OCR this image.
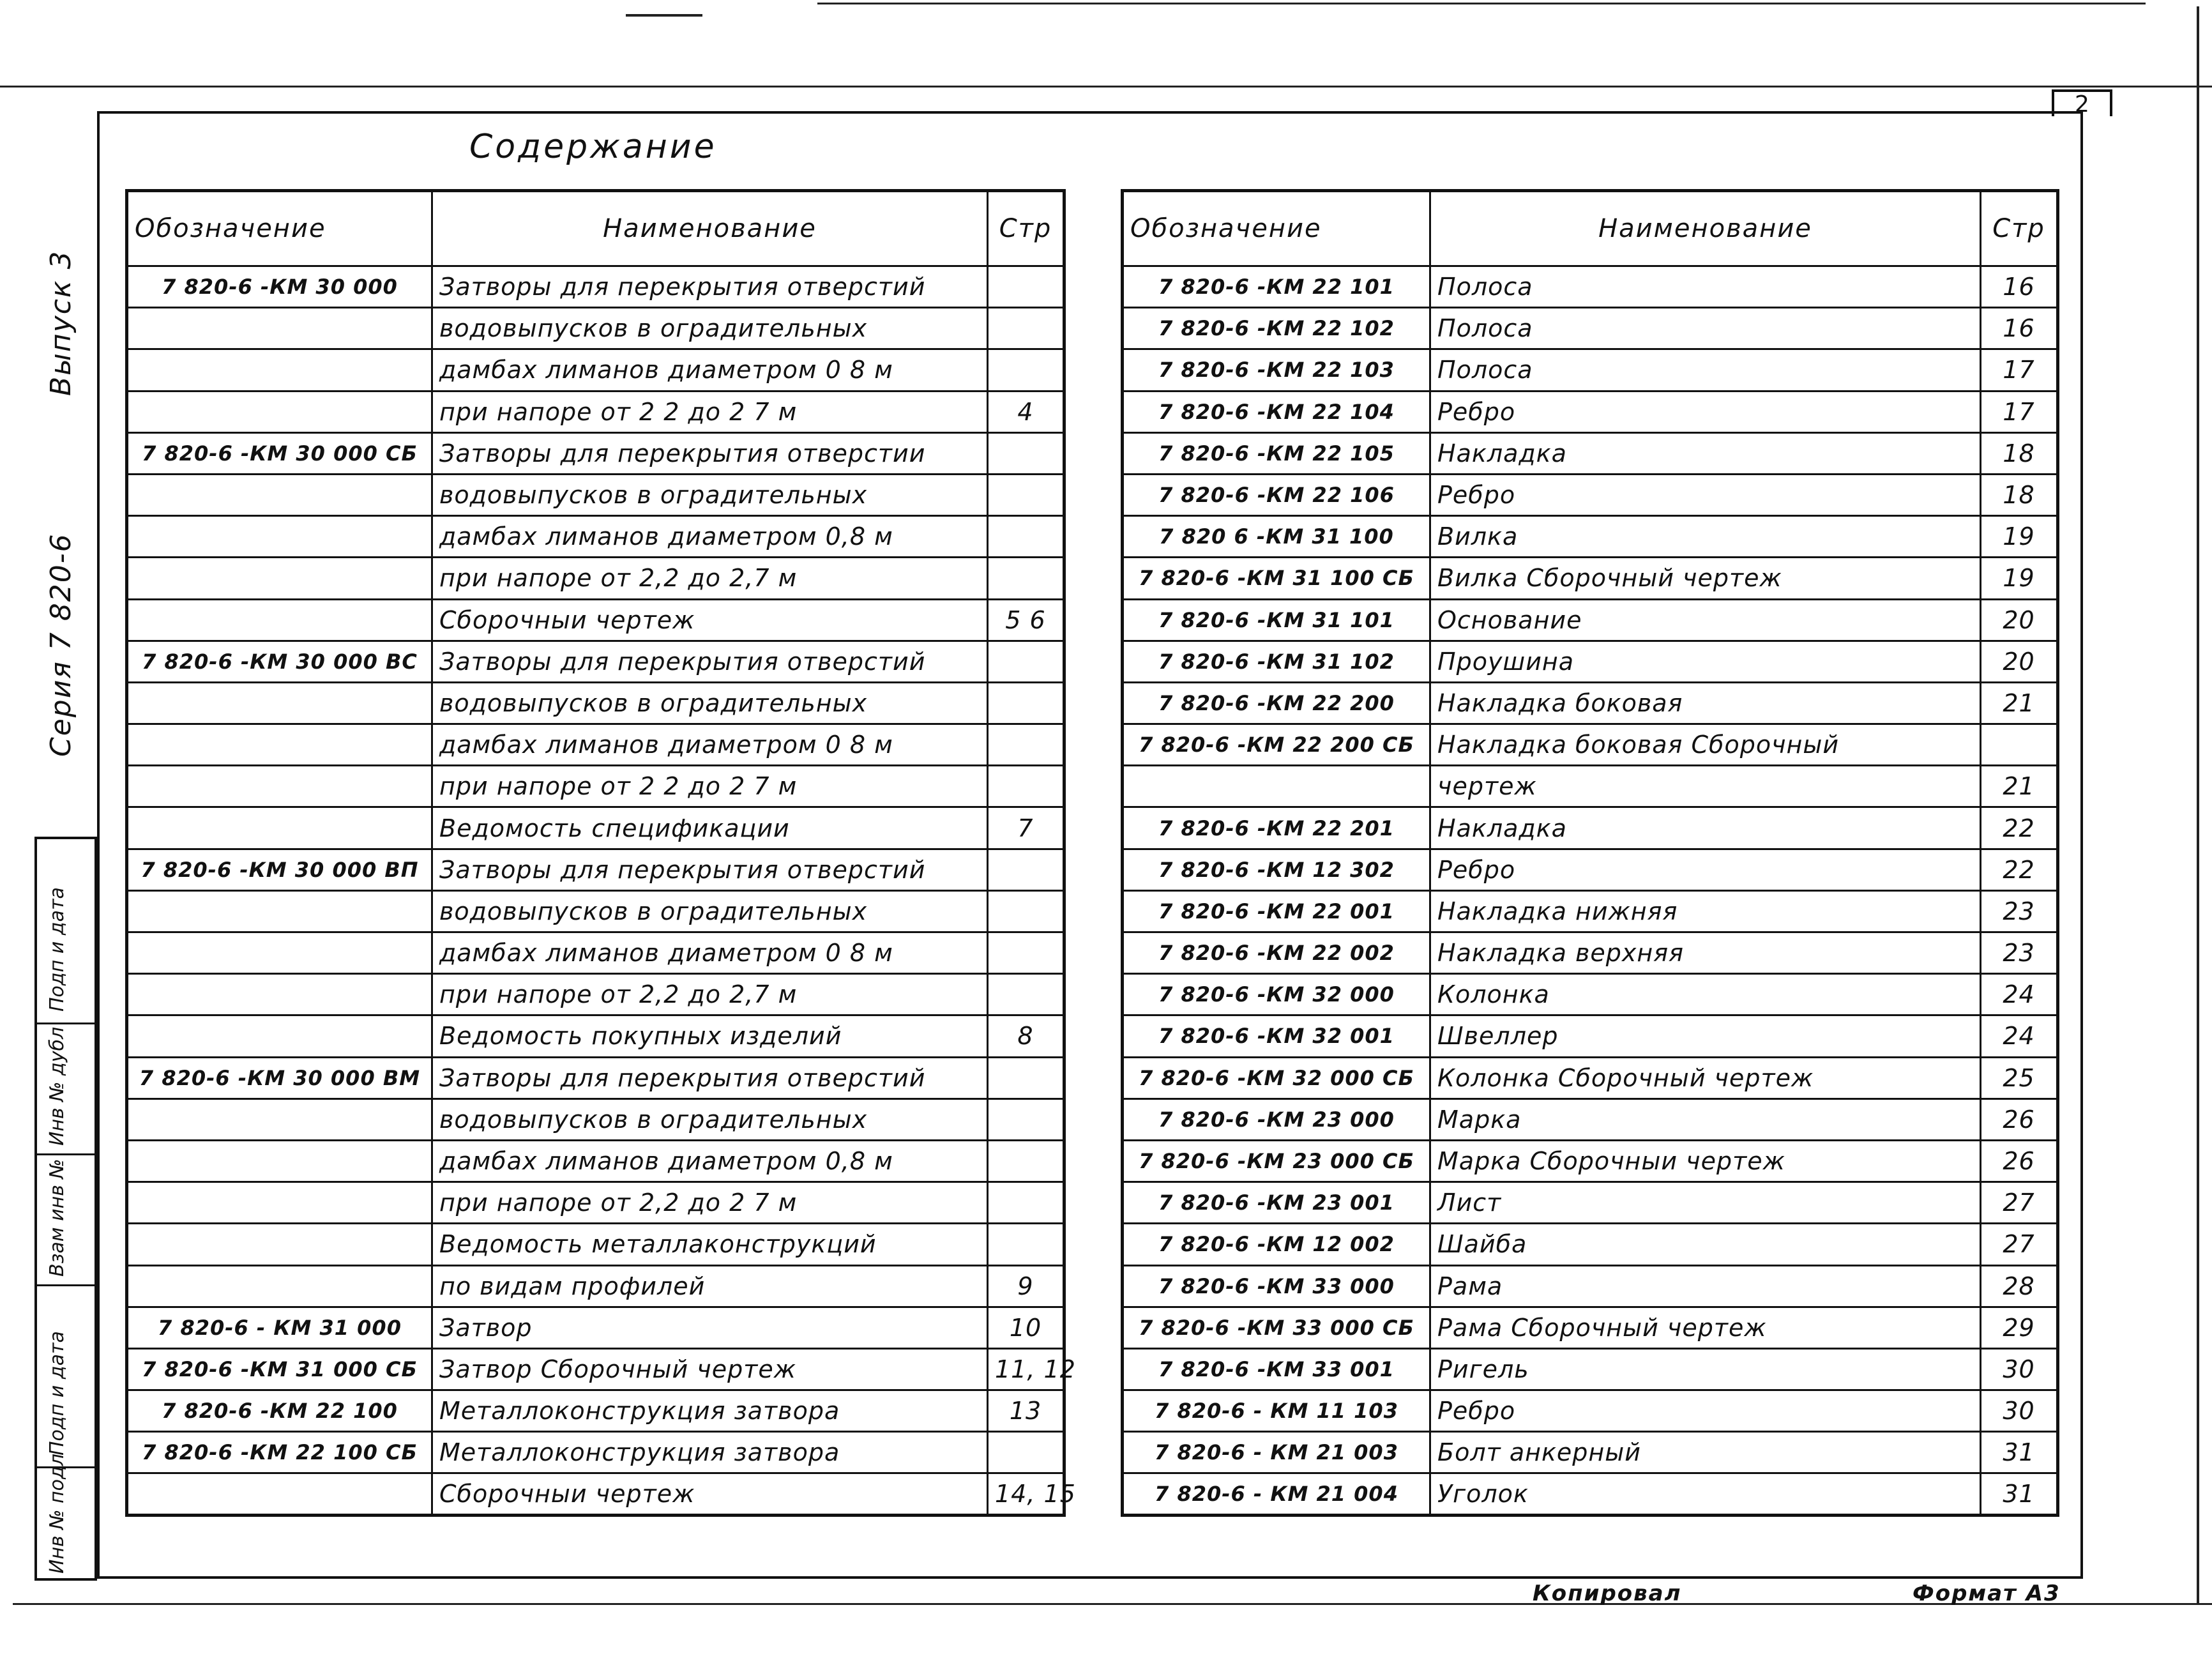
2
Содержание
Выпуск 3
Серия 7 820-6
Подп и дата
Инв № дубл
Взам инв №
Подп и дата
Инв № подл
Обозначение	Наименование	Стр
7 820-6 -КМ 30 000	Затворы для перекрытия отверстий	
	водовыпусков в оградительных	
	дамбах лиманов диаметром 0 8 м	
	при напоре от 2 2 до 2 7 м	4
7 820-6 -КМ 30 000 СБ	Затворы для перекрытия отверстии	
	водовыпусков в оградительных	
	дамбах лиманов диаметром 0,8 м	
	при напоре от 2,2 до 2,7 м	
	Сборочныи чертеж	5 6
7 820-6 -КМ 30 000 ВС	Затворы для перекрытия отверстий	
	водовыпусков в оградительных	
	дамбах лиманов диаметром 0 8 м	
	при напоре от 2 2 до 2 7 м	
	Ведомость спецификации	7
7 820-6 -КМ 30 000 ВП	Затворы для перекрытия отверстий	
	водовыпусков в оградительных	
	дамбах лиманов диаметром 0 8 м	
	при напоре от 2,2 до 2,7 м	
	Ведомость покупных изделий	8
7 820-6 -КМ 30 000 ВМ	Затворы для перекрытия отверстий	
	водовыпусков в оградительных	
	дамбах лиманов диаметром 0,8 м	
	при напоре от 2,2 до 2 7 м	
	Ведомость металлаконструкций	
	по видам профилей	9
7 820-6 - КМ 31 000	Затвор	10
7 820-6 -КМ 31 000 СБ	Затвор Сборочный чертеж	11, 12
7 820-6 -КМ 22 100	Металлоконструкция затвора	13
7 820-6 -КМ 22 100 СБ	Металлоконструкция затвора	
	Сборочныи чертеж	14, 15
Обозначение	Наименование	Стр
7 820-6 -КМ 22 101	Полоса	16
7 820-6 -КМ 22 102	Полоса	16
7 820-6 -КМ 22 103	Полоса	17
7 820-6 -КМ 22 104	Ребро	17
7 820-6 -КМ 22 105	Накладка	18
7 820-6 -КМ 22 106	Ребро	18
7 820 6 -КМ 31 100	Вилка	19
7 820-6 -КМ 31 100 СБ	Вилка Сборочный чертеж	19
7 820-6 -КМ 31 101	Основание	20
7 820-6 -КМ 31 102	Проушина	20
7 820-6 -КМ 22 200	Накладка боковая	21
7 820-6 -КМ 22 200 СБ	Накладка боковая Сборочный	
	чертеж	21
7 820-6 -КМ 22 201	Накладка	22
7 820-6 -КМ 12 302	Ребро	22
7 820-6 -КМ 22 001	Накладка нижняя	23
7 820-6 -КМ 22 002	Накладка верхняя	23
7 820-6 -КМ 32 000	Колонка	24
7 820-6 -КМ 32 001	Швеллер	24
7 820-6 -КМ 32 000 СБ	Колонка Сборочный чертеж	25
7 820-6 -КМ 23 000	Марка	26
7 820-6 -КМ 23 000 СБ	Марка Сборочныи чертеж	26
7 820-6 -КМ 23 001	Лист	27
7 820-6 -КМ 12 002	Шайба	27
7 820-6 -КМ 33 000	Рама	28
7 820-6 -КМ 33 000 СБ	Рама Сборочный чертеж	29
7 820-6 -КМ 33 001	Ригель	30
7 820-6 - КМ 11 103	Ребро	30
7 820-6 - КМ 21 003	Болт анкерный	31
7 820-6 - КМ 21 004	Уголок	31
Копировал	Формат А3
